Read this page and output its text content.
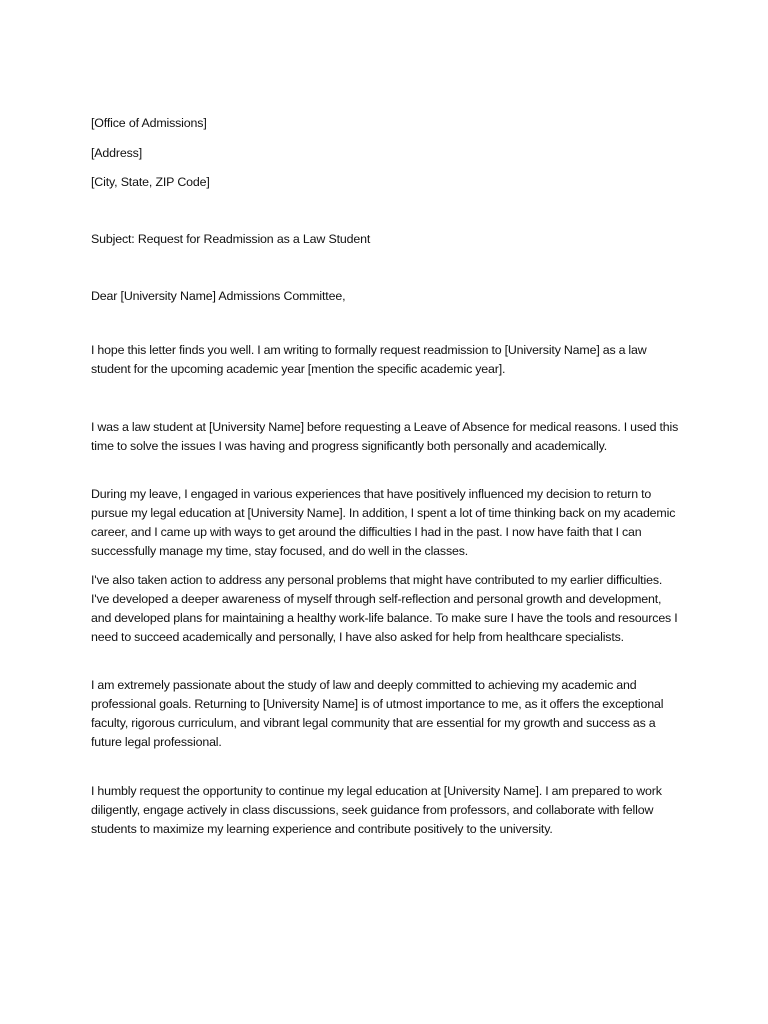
[Office of Admissions]

[Address]

[City, State, ZIP Code]

Subject: Request for Readmission as a Law Student

Dear [University Name] Admissions Committee,

I hope this letter finds you well. I am writing to formally request readmission to [University Name] as a law student for the upcoming academic year [mention the specific academic year].

I was a law student at [University Name] before requesting a Leave of Absence for medical reasons. I used this time to solve the issues I was having and progress significantly both personally and academically.

During my leave, I engaged in various experiences that have positively influenced my decision to return to pursue my legal education at [University Name]. In addition, I spent a lot of time thinking back on my academic career, and I came up with ways to get around the difficulties I had in the past. I now have faith that I can successfully manage my time, stay focused, and do well in the classes.

I've also taken action to address any personal problems that might have contributed to my earlier difficulties. I've developed a deeper awareness of myself through self-reflection and personal growth and development, and developed plans for maintaining a healthy work-life balance. To make sure I have the tools and resources I need to succeed academically and personally, I have also asked for help from healthcare specialists.

I am extremely passionate about the study of law and deeply committed to achieving my academic and professional goals. Returning to [University Name] is of utmost importance to me, as it offers the exceptional faculty, rigorous curriculum, and vibrant legal community that are essential for my growth and success as a future legal professional.

I humbly request the opportunity to continue my legal education at [University Name]. I am prepared to work diligently, engage actively in class discussions, seek guidance from professors, and collaborate with fellow students to maximize my learning experience and contribute positively to the university.
